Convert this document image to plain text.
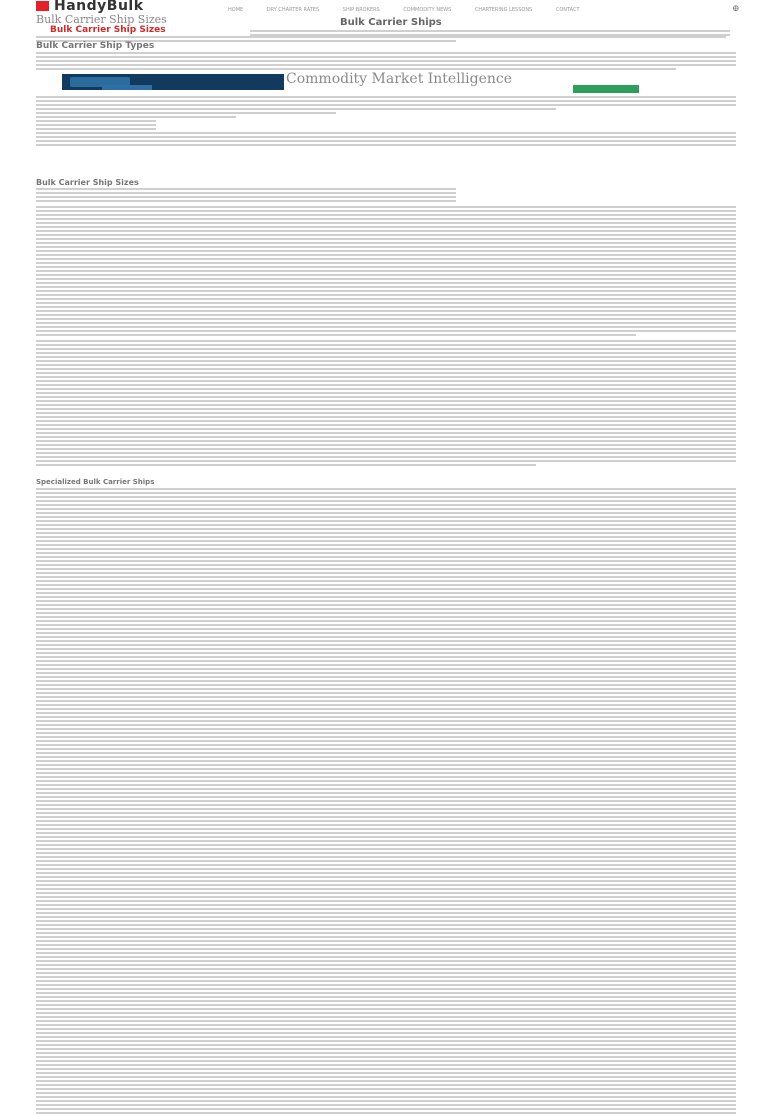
HandyBulk	HOME	DRY CHARTER RATES	SHIP BROKERS	COMMODITY NEWS	CHARTERING LESSONS	CONTACT	⊕
Bulk Carrier Ship Sizes
Bulk Carrier Ship Sizes
Bulk Carrier Ships
Bulk Carrier Ship Types
Commodity Market Intelligence
Bulk Carrier Ship Sizes
Specialized Bulk Carrier Ships
